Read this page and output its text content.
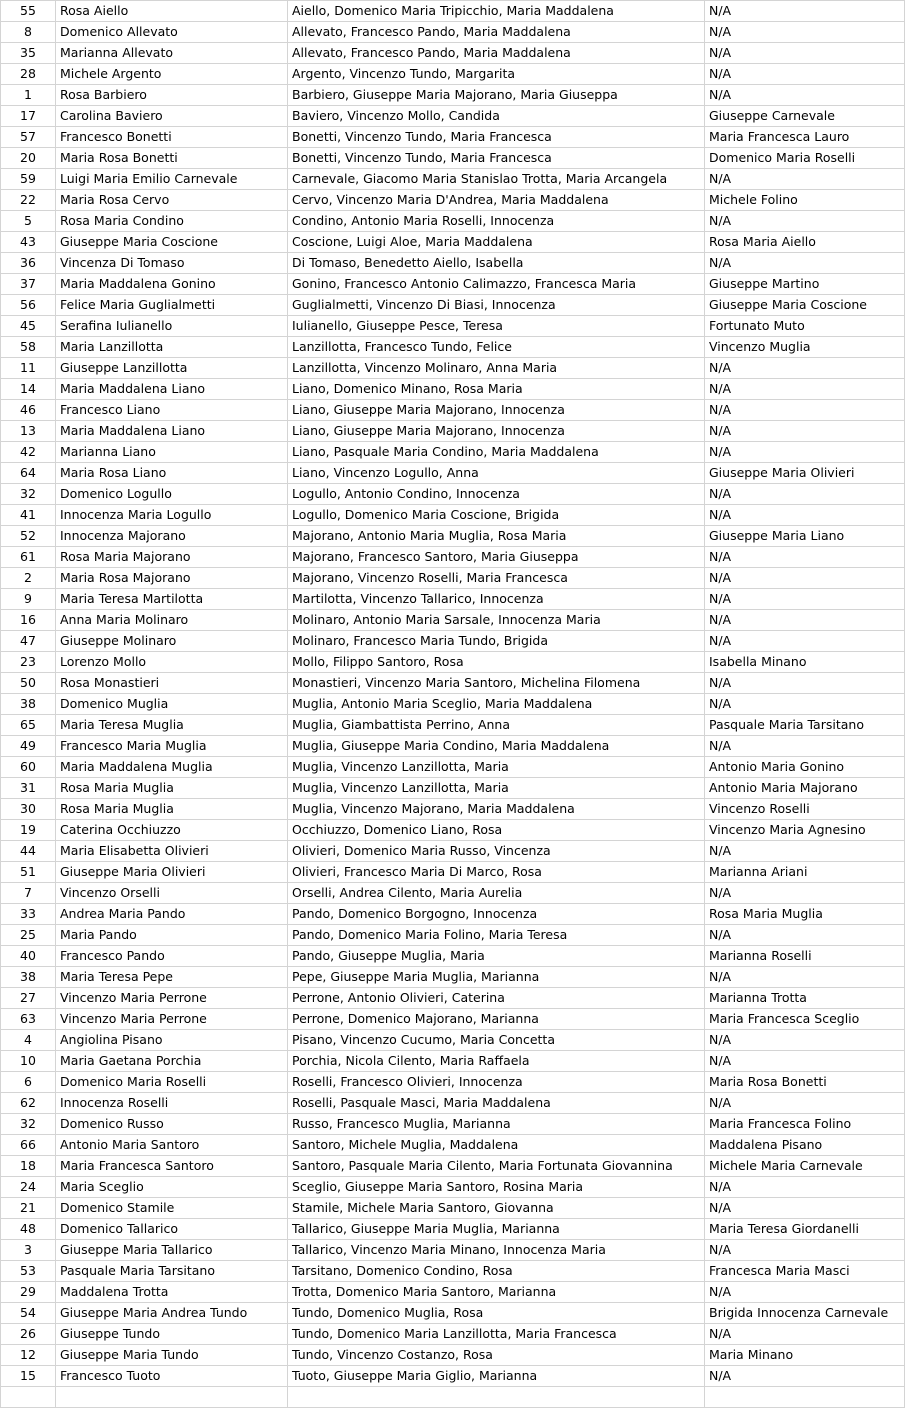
55	Rosa Aiello	Aiello, Domenico Maria Tripicchio, Maria Maddalena	N/A
8	Domenico Allevato	Allevato, Francesco Pando, Maria Maddalena	N/A
35	Marianna Allevato	Allevato, Francesco Pando, Maria Maddalena	N/A
28	Michele Argento	Argento, Vincenzo Tundo, Margarita	N/A
1	Rosa Barbiero	Barbiero, Giuseppe Maria Majorano, Maria Giuseppa	N/A
17	Carolina Baviero	Baviero, Vincenzo Mollo, Candida	Giuseppe Carnevale
57	Francesco Bonetti	Bonetti, Vincenzo Tundo, Maria Francesca	Maria Francesca Lauro
20	Maria Rosa Bonetti	Bonetti, Vincenzo Tundo, Maria Francesca	Domenico Maria Roselli
59	Luigi Maria Emilio Carnevale	Carnevale, Giacomo Maria Stanislao Trotta, Maria Arcangela	N/A
22	Maria Rosa Cervo	Cervo, Vincenzo Maria D'Andrea, Maria Maddalena	Michele Folino
5	Rosa Maria Condino	Condino, Antonio Maria Roselli, Innocenza	N/A
43	Giuseppe Maria Coscione	Coscione, Luigi Aloe, Maria Maddalena	Rosa Maria Aiello
36	Vincenza Di Tomaso	Di Tomaso, Benedetto Aiello, Isabella	N/A
37	Maria Maddalena Gonino	Gonino, Francesco Antonio Calimazzo, Francesca Maria	Giuseppe Martino
56	Felice Maria Guglialmetti	Guglialmetti, Vincenzo Di Biasi, Innocenza	Giuseppe Maria Coscione
45	Serafina Iulianello	Iulianello, Giuseppe Pesce, Teresa	Fortunato Muto
58	Maria Lanzillotta	Lanzillotta, Francesco Tundo, Felice	Vincenzo Muglia
11	Giuseppe Lanzillotta	Lanzillotta, Vincenzo Molinaro, Anna Maria	N/A
14	Maria Maddalena Liano	Liano, Domenico Minano, Rosa Maria	N/A
46	Francesco Liano	Liano, Giuseppe Maria Majorano, Innocenza	N/A
13	Maria Maddalena Liano	Liano, Giuseppe Maria Majorano, Innocenza	N/A
42	Marianna Liano	Liano, Pasquale Maria Condino, Maria Maddalena	N/A
64	Maria Rosa Liano	Liano, Vincenzo Logullo, Anna	Giuseppe Maria Olivieri
32	Domenico Logullo	Logullo, Antonio Condino, Innocenza	N/A
41	Innocenza Maria Logullo	Logullo, Domenico Maria Coscione, Brigida	N/A
52	Innocenza Majorano	Majorano, Antonio Maria Muglia, Rosa Maria	Giuseppe Maria Liano
61	Rosa Maria Majorano	Majorano, Francesco Santoro, Maria Giuseppa	N/A
2	Maria Rosa Majorano	Majorano, Vincenzo Roselli, Maria Francesca	N/A
9	Maria Teresa Martilotta	Martilotta, Vincenzo Tallarico, Innocenza	N/A
16	Anna Maria Molinaro	Molinaro, Antonio Maria Sarsale, Innocenza Maria	N/A
47	Giuseppe Molinaro	Molinaro, Francesco Maria Tundo, Brigida	N/A
23	Lorenzo Mollo	Mollo, Filippo Santoro, Rosa	Isabella Minano
50	Rosa Monastieri	Monastieri, Vincenzo Maria Santoro, Michelina Filomena	N/A
38	Domenico Muglia	Muglia, Antonio Maria Sceglio, Maria Maddalena	N/A
65	Maria Teresa Muglia	Muglia, Giambattista Perrino, Anna	Pasquale Maria Tarsitano
49	Francesco Maria Muglia	Muglia, Giuseppe Maria Condino, Maria Maddalena	N/A
60	Maria Maddalena Muglia	Muglia, Vincenzo Lanzillotta, Maria	Antonio Maria Gonino
31	Rosa Maria Muglia	Muglia, Vincenzo Lanzillotta, Maria	Antonio Maria Majorano
30	Rosa Maria Muglia	Muglia, Vincenzo Majorano, Maria Maddalena	Vincenzo Roselli
19	Caterina Occhiuzzo	Occhiuzzo, Domenico Liano, Rosa	Vincenzo Maria Agnesino
44	Maria Elisabetta Olivieri	Olivieri, Domenico Maria Russo, Vincenza	N/A
51	Giuseppe Maria Olivieri	Olivieri, Francesco Maria Di Marco, Rosa	Marianna Ariani
7	Vincenzo Orselli	Orselli, Andrea Cilento, Maria Aurelia	N/A
33	Andrea Maria Pando	Pando, Domenico Borgogno, Innocenza	Rosa Maria Muglia
25	Maria Pando	Pando, Domenico Maria Folino, Maria Teresa	N/A
40	Francesco Pando	Pando, Giuseppe Muglia, Maria	Marianna Roselli
38	Maria Teresa Pepe	Pepe, Giuseppe Maria Muglia, Marianna	N/A
27	Vincenzo Maria Perrone	Perrone, Antonio Olivieri, Caterina	Marianna Trotta
63	Vincenzo Maria Perrone	Perrone, Domenico Majorano, Marianna	Maria Francesca Sceglio
4	Angiolina Pisano	Pisano, Vincenzo Cucumo, Maria Concetta	N/A
10	Maria Gaetana Porchia	Porchia, Nicola Cilento, Maria Raffaela	N/A
6	Domenico Maria Roselli	Roselli, Francesco Olivieri, Innocenza	Maria Rosa Bonetti
62	Innocenza Roselli	Roselli, Pasquale Masci, Maria Maddalena	N/A
32	Domenico Russo	Russo, Francesco Muglia, Marianna	Maria Francesca Folino
66	Antonio Maria Santoro	Santoro, Michele Muglia, Maddalena	Maddalena Pisano
18	Maria Francesca Santoro	Santoro, Pasquale Maria Cilento, Maria Fortunata Giovannina	Michele Maria Carnevale
24	Maria Sceglio	Sceglio, Giuseppe Maria Santoro, Rosina Maria	N/A
21	Domenico Stamile	Stamile, Michele Maria Santoro, Giovanna	N/A
48	Domenico Tallarico	Tallarico, Giuseppe Maria Muglia, Marianna	Maria Teresa Giordanelli
3	Giuseppe Maria Tallarico	Tallarico, Vincenzo Maria Minano, Innocenza Maria	N/A
53	Pasquale Maria Tarsitano	Tarsitano, Domenico Condino, Rosa	Francesca Maria Masci
29	Maddalena Trotta	Trotta, Domenico Maria Santoro, Marianna	N/A
54	Giuseppe Maria Andrea Tundo	Tundo, Domenico Muglia, Rosa	Brigida Innocenza Carnevale
26	Giuseppe Tundo	Tundo, Domenico Maria Lanzillotta, Maria Francesca	N/A
12	Giuseppe Maria Tundo	Tundo, Vincenzo Costanzo, Rosa	Maria Minano
15	Francesco Tuoto	Tuoto, Giuseppe Maria Giglio, Marianna	N/A
